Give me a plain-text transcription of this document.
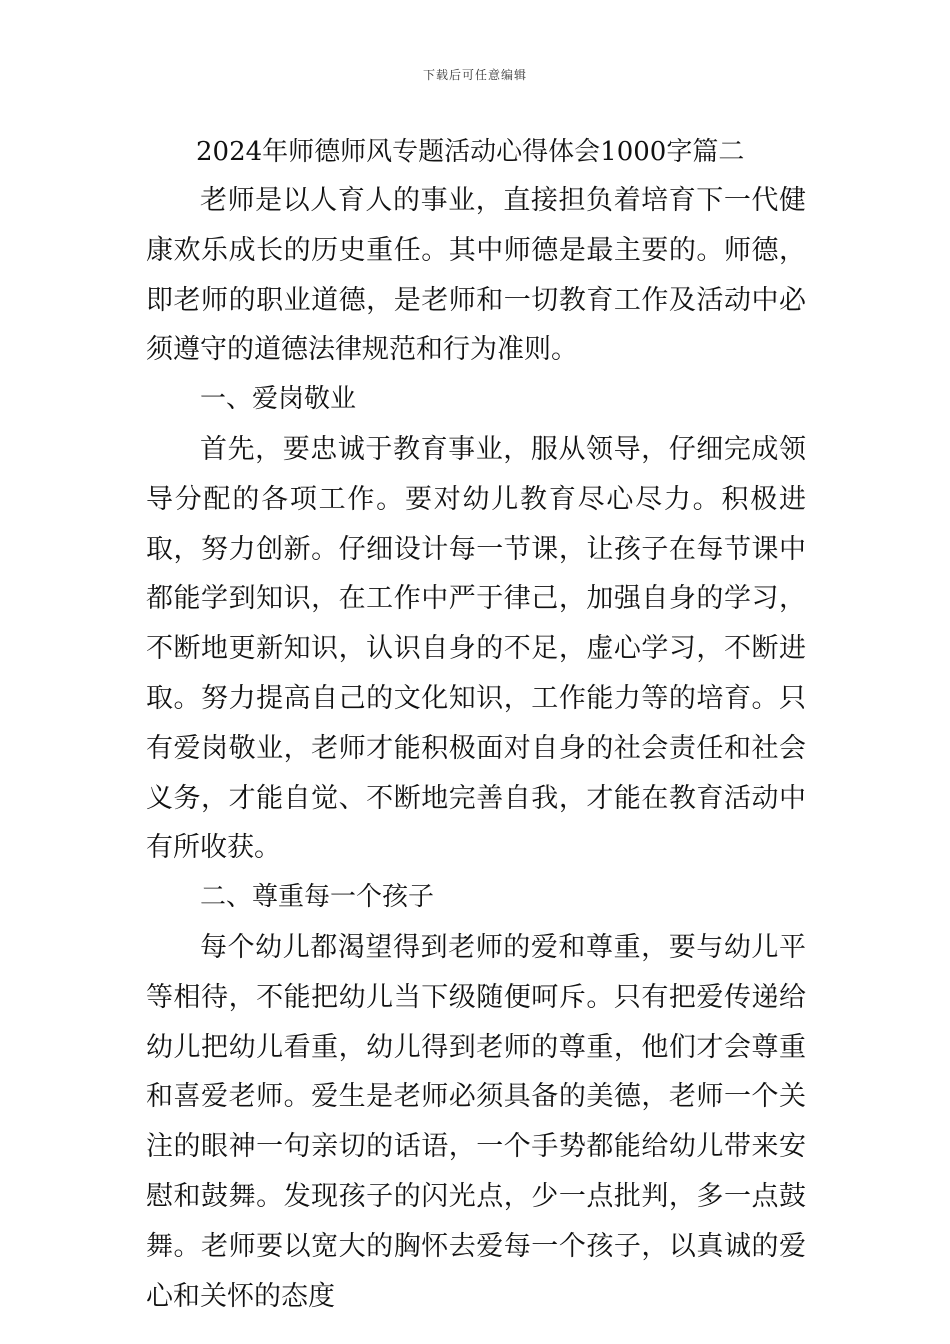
下载后可任意编辑
2024年师德师风专题活动心得体会1000字篇二

老师是以人育人的事业，直接担负着培育下一代健康欢乐成长的历史重任。其中师德是最主要的。师德，即老师的职业道德，是老师和一切教育工作及活动中必须遵守的道德法律规范和行为准则。

一、爱岗敬业

首先，要忠诚于教育事业，服从领导，仔细完成领导分配的各项工作。要对幼儿教育尽心尽力。积极进取，努力创新。仔细设计每一节课，让孩子在每节课中都能学到知识，在工作中严于律己，加强自身的学习，不断地更新知识，认识自身的不足，虚心学习，不断进取。努力提高自己的文化知识，工作能力等的培育。只有爱岗敬业，老师才能积极面对自身的社会责任和社会义务，才能自觉、不断地完善自我，才能在教育活动中有所收获。

二、尊重每一个孩子

每个幼儿都渴望得到老师的爱和尊重，要与幼儿平等相待，不能把幼儿当下级随便呵斥。只有把爱传递给幼儿把幼儿看重，幼儿得到老师的尊重，他们才会尊重和喜爱老师。爱生是老师必须具备的美德，老师一个关注的眼神一句亲切的话语，一个手势都能给幼儿带来安慰和鼓舞。发现孩子的闪光点，少一点批判，多一点鼓舞。老师要以宽大的胸怀去爱每一个孩子，以真诚的爱心和关怀的态度
